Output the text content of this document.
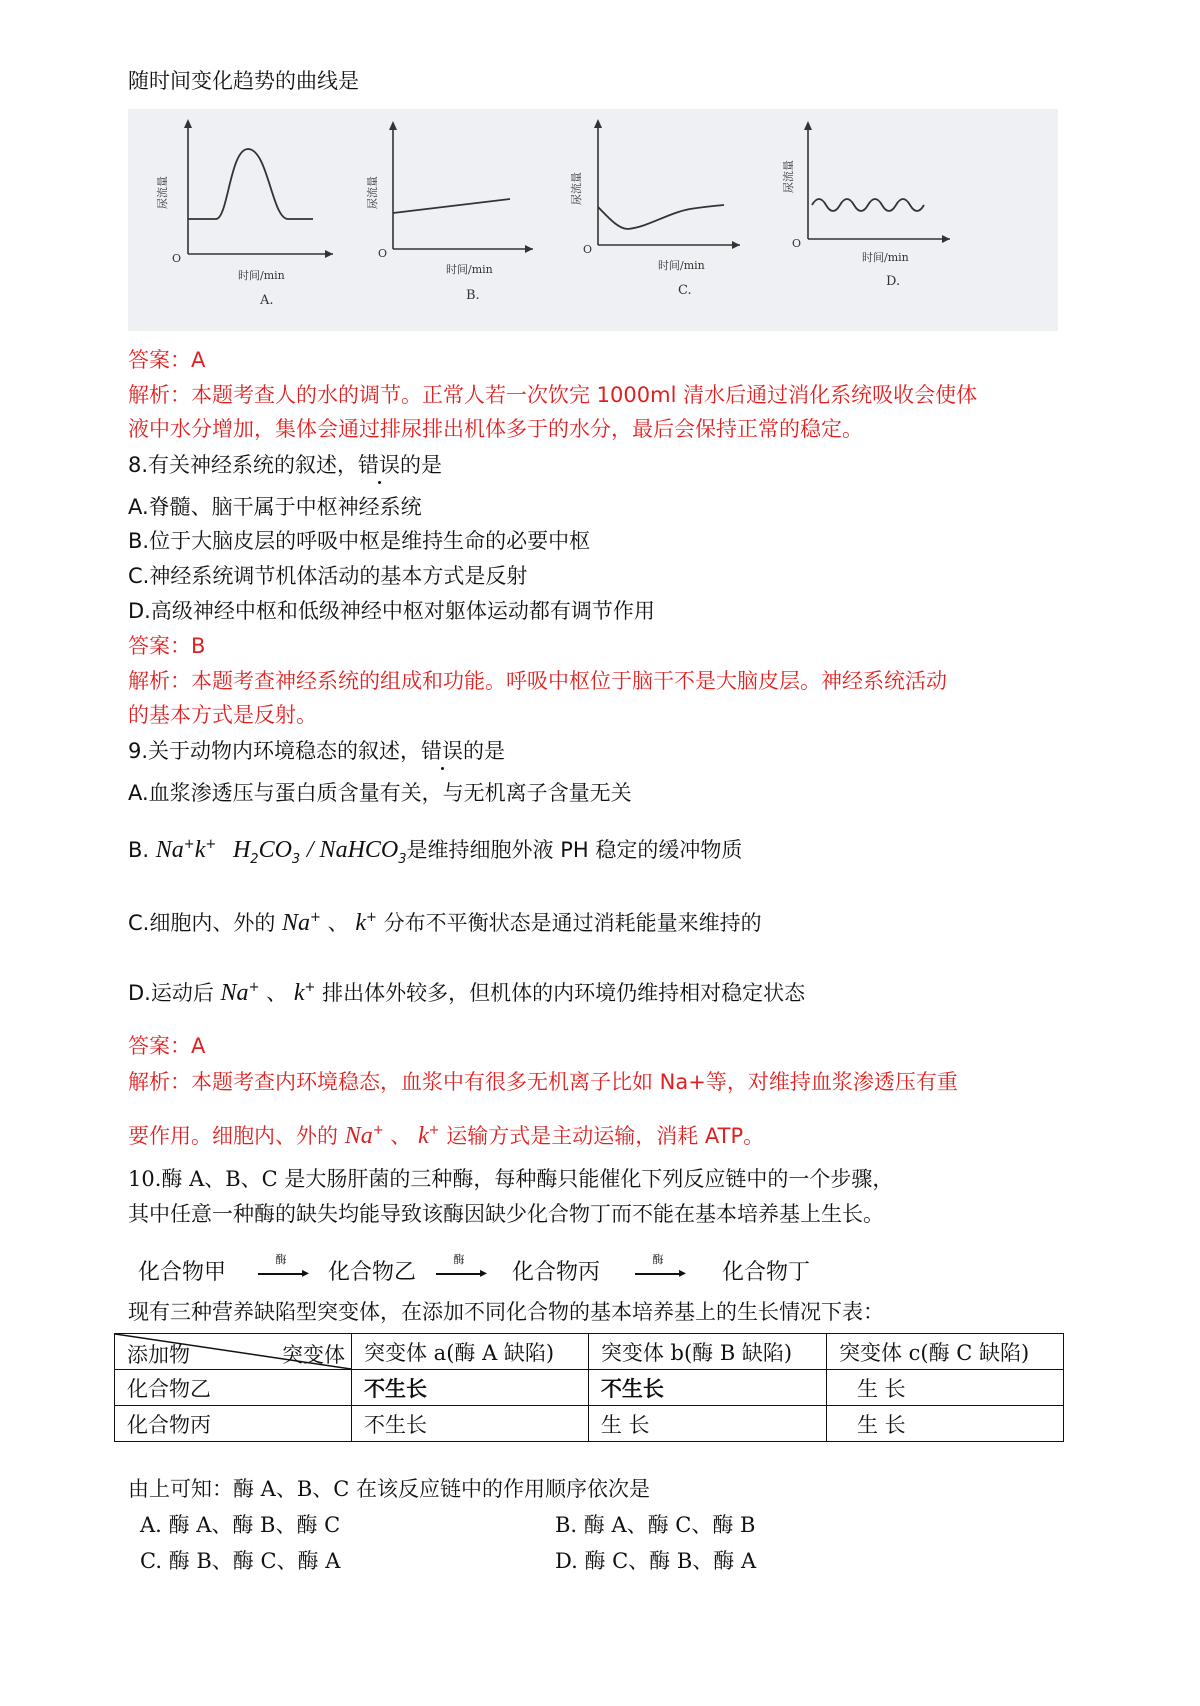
随时间变化趋势的曲线是
尿流量
O
时间/min
A.
尿流量
O
时间/min
B.
尿流量
O
时间/min
C.
尿流量
O
时间/min
D.
答案：A
解析：本题考查人的水的调节。正常人若一次饮完 1000ml 清水后通过消化系统吸收会使体
液中水分增加，集体会通过排尿排出机体多于的水分，最后会保持正常的稳定。
8.有关神经系统的叙述，错误的是
A.脊髓、脑干属于中枢神经系统
B.位于大脑皮层的呼吸中枢是维持生命的必要中枢
C.神经系统调节机体活动的基本方式是反射
D.高级神经中枢和低级神经中枢对躯体运动都有调节作用
答案：B
解析：本题考查神经系统的组成和功能。呼吸中枢位于脑干不是大脑皮层。神经系统活动
的基本方式是反射。
9.关于动物内环境稳态的叙述，错误的是
A.血浆渗透压与蛋白质含量有关，与无机离子含量无关
B. Na+k+ $H_2CO_3$ / NaHCO$_3$是维持细胞外液 PH 稳定的缓冲物质
C.细胞内、外的 Na+ 、 k+ 分布不平衡状态是通过消耗能量来维持的
D.运动后 Na+ 、 k+ 排出体外较多，但机体的内环境仍维持相对稳定状态
答案：A
解析：本题考查内环境稳态，血浆中有很多无机离子比如 Na+等，对维持血浆渗透压有重
要作用。细胞内、外的 Na+ 、 k+ 运输方式是主动运输，消耗 ATP。
10.酶 A、B、C 是大肠肝菌的三种酶，每种酶只能催化下列反应链中的一个步骤，
其中任意一种酶的缺失均能导致该酶因缺少化合物丁而不能在基本培养基上生长。
化合物甲
酶
▸ 化合物乙
酶
▸ 化合物丙
酶
▸ 化合物丁
现有三种营养缺陷型突变体，在添加不同化合物的基本培养基上的生长情况下表：
添加物 突变体	突变体 a(酶 A 缺陷)	突变体 b(酶 B 缺陷)	突变体 c(酶 C 缺陷)
化合物乙	不生长	不生长	生 长
化合物丙	不生长	生 长	生 长
由上可知：酶 A、B、C 在该反应链中的作用顺序依次是
A. 酶 A、酶 B、酶 C	B. 酶 A、酶 C、酶 B
C. 酶 B、酶 C、酶 A	D. 酶 C、酶 B、酶 A
